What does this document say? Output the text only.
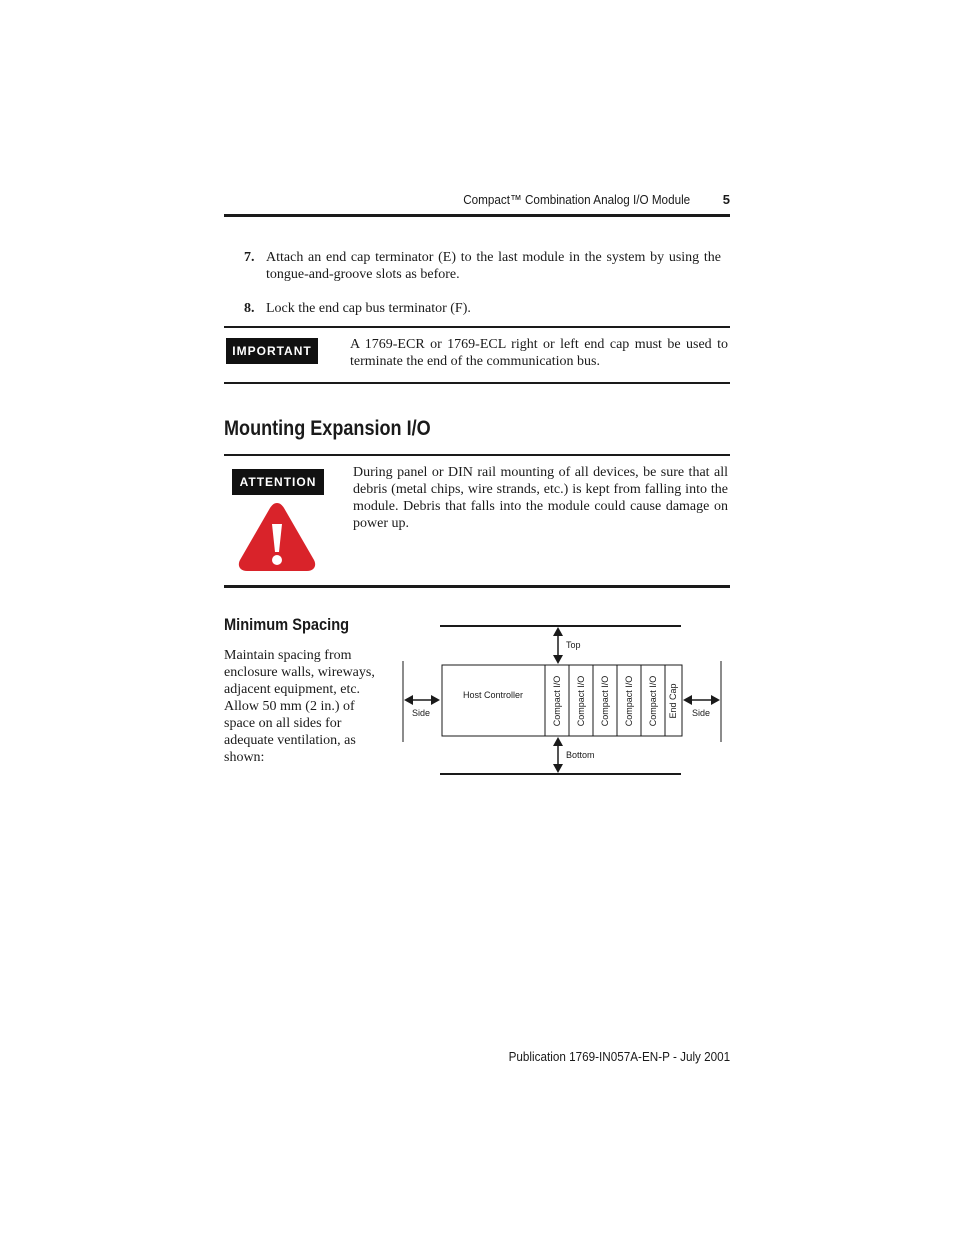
Compact™ Combination Analog I/O Module	5
7. Attach an end cap terminator (E) to the last module in the system by using the tongue-and-groove slots as before.
8. Lock the end cap bus terminator (F).
IMPORTANT	A 1769-ECR or 1769-ECL right or left end cap must be used to terminate the end of the communication bus.
Mounting Expansion I/O
ATTENTION
During panel or DIN rail mounting of all devices, be sure that all debris (metal chips, wire strands, etc.) is kept from falling into the module. Debris that falls into the module could cause damage on power up.
Minimum Spacing
Maintain spacing from enclosure walls, wireways, adjacent equipment, etc. Allow 50 mm (2 in.) of space on all sides for adequate ventilation, as shown:
Host Controller	Compact I/O Compact I/O Compact I/O Compact I/O Compact I/O End Cap
Top
Bottom
Side	Side
Publication 1769-IN057A-EN-P - July 2001
